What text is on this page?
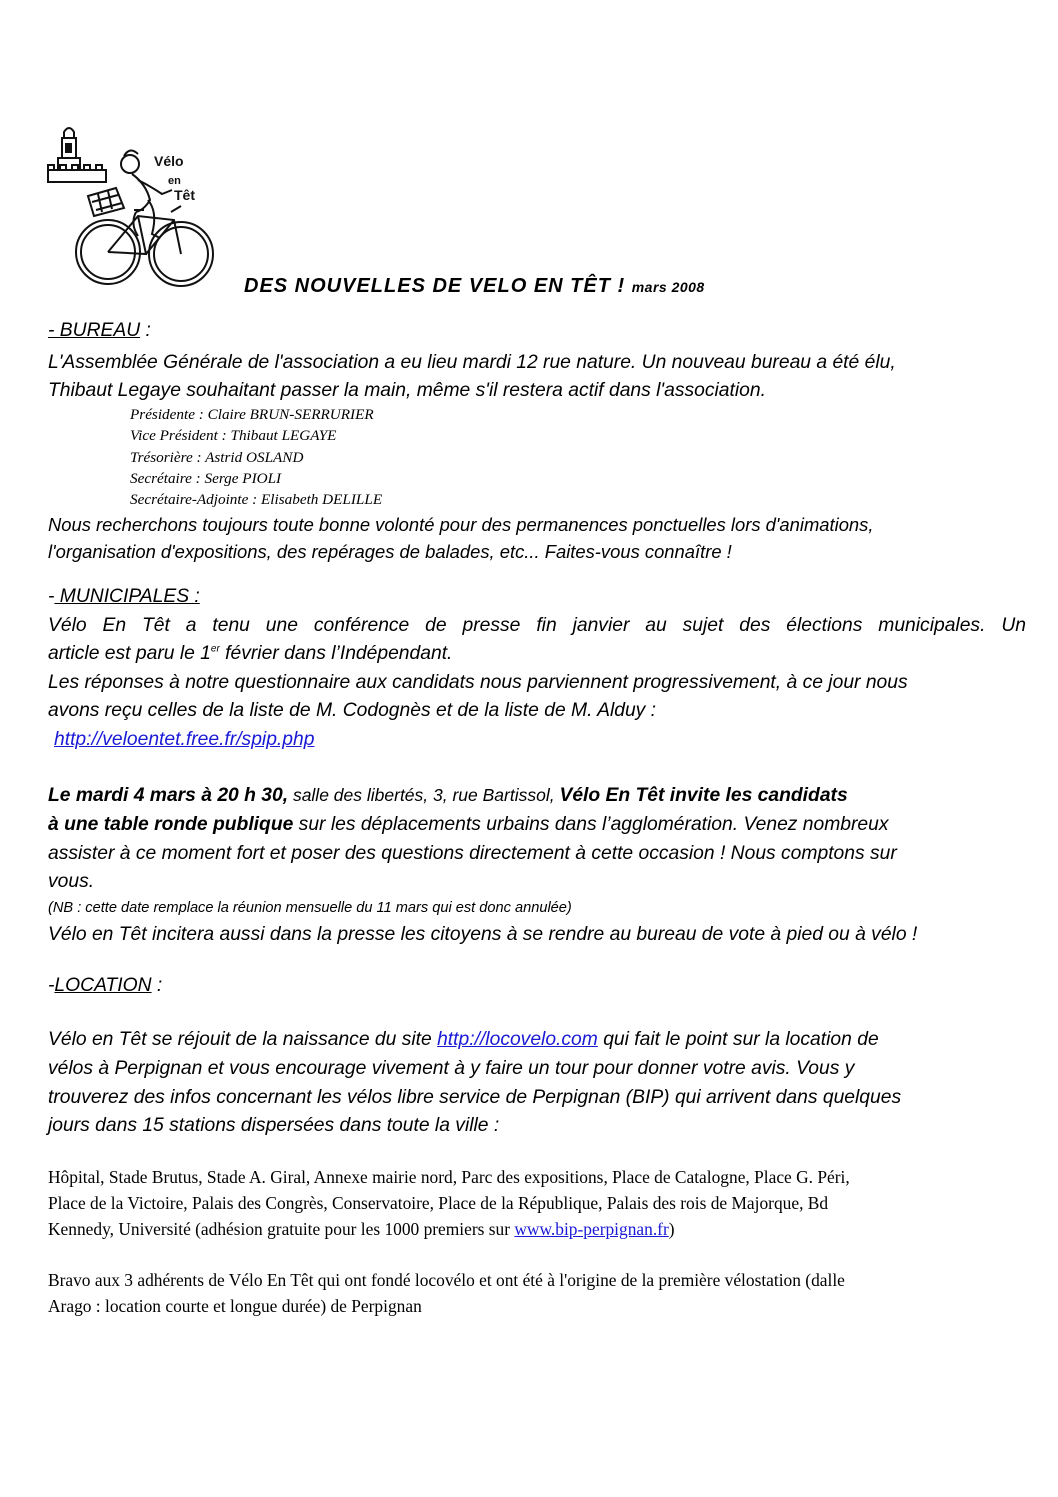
Vélo
en
Têt
DES NOUVELLES DE VELO EN TÊT ! mars 2008
- BUREAU :
L'Assemblée Générale de l'association a eu lieu mardi 12 rue nature. Un nouveau bureau a été élu,
Thibaut Legaye souhaitant passer la main, même s'il restera actif dans l'association.
Présidente : Claire BRUN-SERRURIER
Vice Président : Thibaut LEGAYE
Trésorière : Astrid OSLAND
Secrétaire : Serge PIOLI
Secrétaire-Adjointe : Elisabeth DELILLE
Nous recherchons toujours toute bonne volonté pour des permanences ponctuelles lors d'animations,
l'organisation d'expositions, des repérages de balades, etc... Faites-vous connaître !
- MUNICIPALES :
Vélo En Têt a tenu une conférence de presse fin janvier au sujet des élections municipales. Un
article est paru le 1er février dans l’Indépendant.
Les réponses à notre questionnaire aux candidats nous parviennent progressivement, à ce jour nous
avons reçu celles de la liste de M. Codognès et de la liste de M. Alduy :
http://veloentet.free.fr/spip.php
Le mardi 4 mars à 20 h 30, salle des libertés, 3, rue Bartissol, Vélo En Têt invite les candidats
à une table ronde publique sur les déplacements urbains dans l’agglomération. Venez nombreux
assister à ce moment fort et poser des questions directement à cette occasion ! Nous comptons sur
vous.
(NB : cette date remplace la réunion mensuelle du 11 mars qui est donc annulée)
Vélo en Têt incitera aussi dans la presse les citoyens à se rendre au bureau de vote à pied ou à vélo !
-LOCATION :
Vélo en Têt se réjouit de la naissance du site http://locovelo.com qui fait le point sur la location de
vélos à Perpignan et vous encourage vivement à y faire un tour pour donner votre avis. Vous y
trouverez des infos concernant les vélos libre service de Perpignan (BIP) qui arrivent dans quelques
jours dans 15 stations dispersées dans toute la ville :
Hôpital, Stade Brutus, Stade A. Giral, Annexe mairie nord, Parc des expositions, Place de Catalogne, Place G. Péri,
Place de la Victoire, Palais des Congrès, Conservatoire, Place de la République, Palais des rois de Majorque, Bd
Kennedy, Université (adhésion gratuite pour les 1000 premiers sur www.bip-perpignan.fr)
Bravo aux 3 adhérents de Vélo En Têt qui ont fondé locovélo et ont été à l'origine de la première vélostation (dalle
Arago : location courte et longue durée) de Perpignan
